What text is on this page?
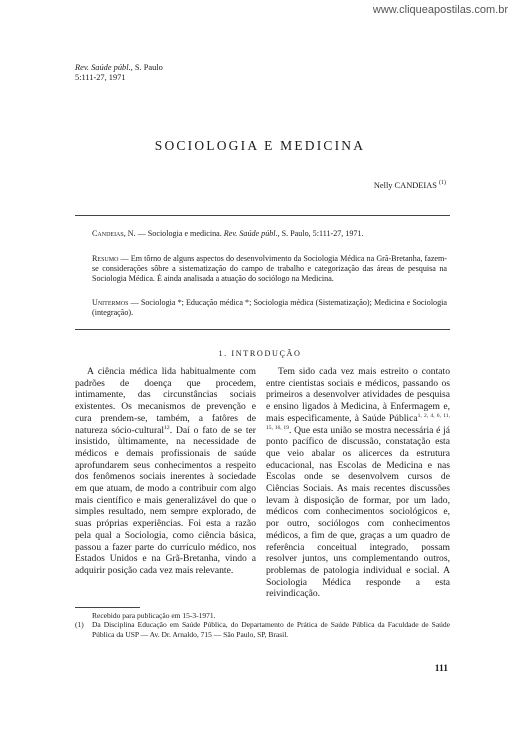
www.cliqueapostilas.com.br
Rev. Saúde públ., S. Paulo
5:111-27, 1971
SOCIOLOGIA E MEDICINA
Nelly CANDEIAS $^{(1)}$
Candeias, N. — Sociologia e medicina. Rev. Saúde públ., S. Paulo, 5:111-27, 1971.
Resumo — Em tôrno de alguns aspectos do desenvolvimento da Sociologia Médica na Grã-Bretanha, fazem-se considerações sôbre a sistematização do campo de trabalho e categorização das áreas de pesquisa na Sociologia Médica. É ainda analisada a atuação do sociólogo na Medicina.
Unitermos — Sociologia *; Educação médica *; Sociologia médica (Sistematização); Medicina e Sociologia (integração).
1. INTRODUÇÃO
A ciência médica lida habitualmente com padrões de doença que procedem, intimamente, das circunstâncias sociais existentes. Os mecanismos de prevenção e cura prendem-se, também, a fatôres de natureza sócio-cultural$^{12}$. Daí o fato de se ter insistido, ùltimamente, na necessidade de médicos e demais profissionais de saúde aprofundarem seus conhecimentos a respeito dos fenômenos sociais inerentes à sociedade em que atuam, de modo a contribuir com algo mais científico e mais generalizável do que o simples resultado, nem sempre explorado, de suas próprias experiências. Foi esta a razão pela qual a Sociologia, como ciência básica, passou a fazer parte do currículo médico, nos Estados Unidos e na Grã-Bretanha, vindo a adquirir posição cada vez mais relevante.
Tem sido cada vez mais estreito o contato entre cientistas sociais e médicos, passando os primeiros a desenvolver atividades de pesquisa e ensino ligados à Medicina, à Enfermagem e, mais especìficamente, à Saúde Pública$^{1, 2, 4, 6, 11, 15, 16, 19}$. Que esta união se mostra necessária é já ponto pacífico de discussão, constatação esta que veio abalar os alicerces da estrutura educacional, nas Escolas de Medicina e nas Escolas onde se desenvolvem cursos de Ciências Sociais. As mais recentes discussões levam à disposição de formar, por um lado, médicos com conhecimentos sociológicos e, por outro, sociólogos com conhecimentos médicos, a fim de que, graças a um quadro de referência conceitual integrado, possam resolver juntos, uns complementando outros, problemas de patologia individual e social. A Sociologia Médica responde a esta reivindicação.
Recebido para publicação em 15-3-1971.
(1)	Da Disciplina Educação em Saúde Pública, do Departamento de Prática de Saúde Pública da Faculdade de Saúde Pública da USP — Av. Dr. Arnaldo, 715 — São Paulo, SP, Brasil.
111
